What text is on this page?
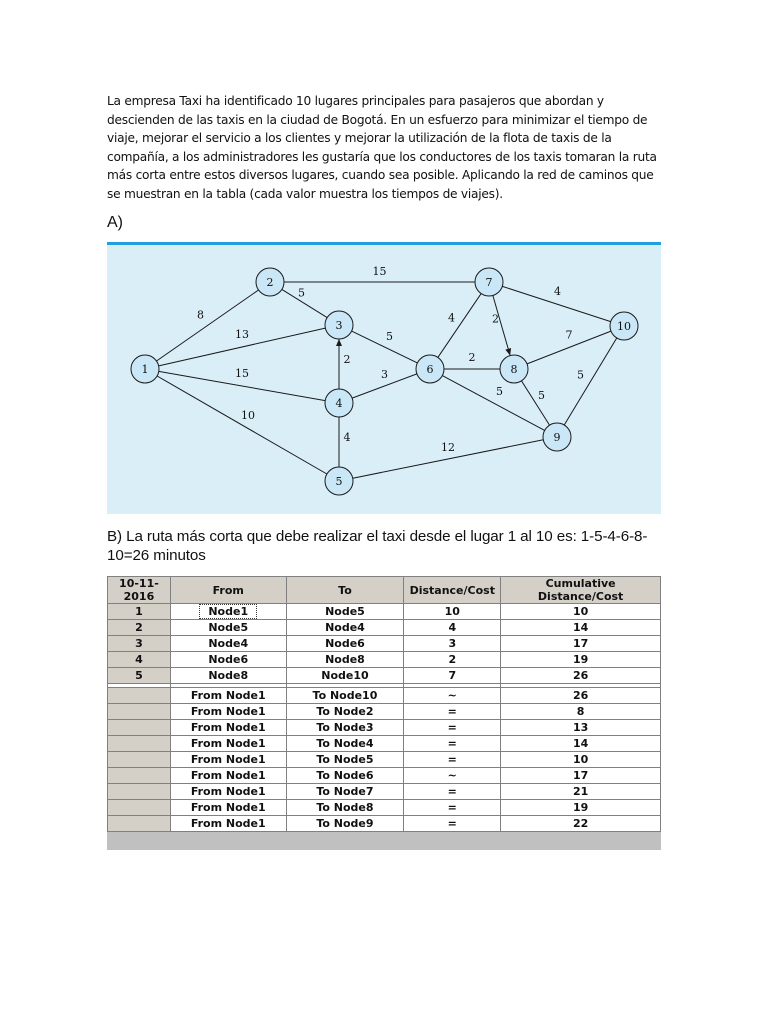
La empresa Taxi ha identificado 10 lugares principales para pasajeros que abordan y descienden de las taxis en la ciudad de Bogotá. En un esfuerzo para minimizar el tiempo de viaje, mejorar el servicio a los clientes y mejorar la utilización de la flota de taxis de la compañía, a los administradores les gustaría que los conductores de los taxis tomaran la ruta más corta entre estos diversos lugares, cuando sea posible. Aplicando la red de caminos que se muestran en la tabla (cada valor muestra los tiempos de viajes).

A)

8
13
15
10
5
15
2
5
3
4
12
4
2
5
2
4
5
7
5
1
2
3
4
5
6
7
8
9
10

B) La ruta más corta que debe realizar el taxi desde el lugar 1 al 10 es: 1-5-4-6-8-10=26 minutos

10-11-2016	From	To	Distance/Cost	Cumulative Distance/Cost
1	Node1	Node5	10	10
2	Node5	Node4	4	14
3	Node4	Node6	3	17
4	Node6	Node8	2	19
5	Node8	Node10	7	26

	From Node1	To Node10	~	26
	From Node1	To Node2	=	8
	From Node1	To Node3	=	13
	From Node1	To Node4	=	14
	From Node1	To Node5	=	10
	From Node1	To Node6	~	17
	From Node1	To Node7	=	21
	From Node1	To Node8	=	19
	From Node1	To Node9	=	22
